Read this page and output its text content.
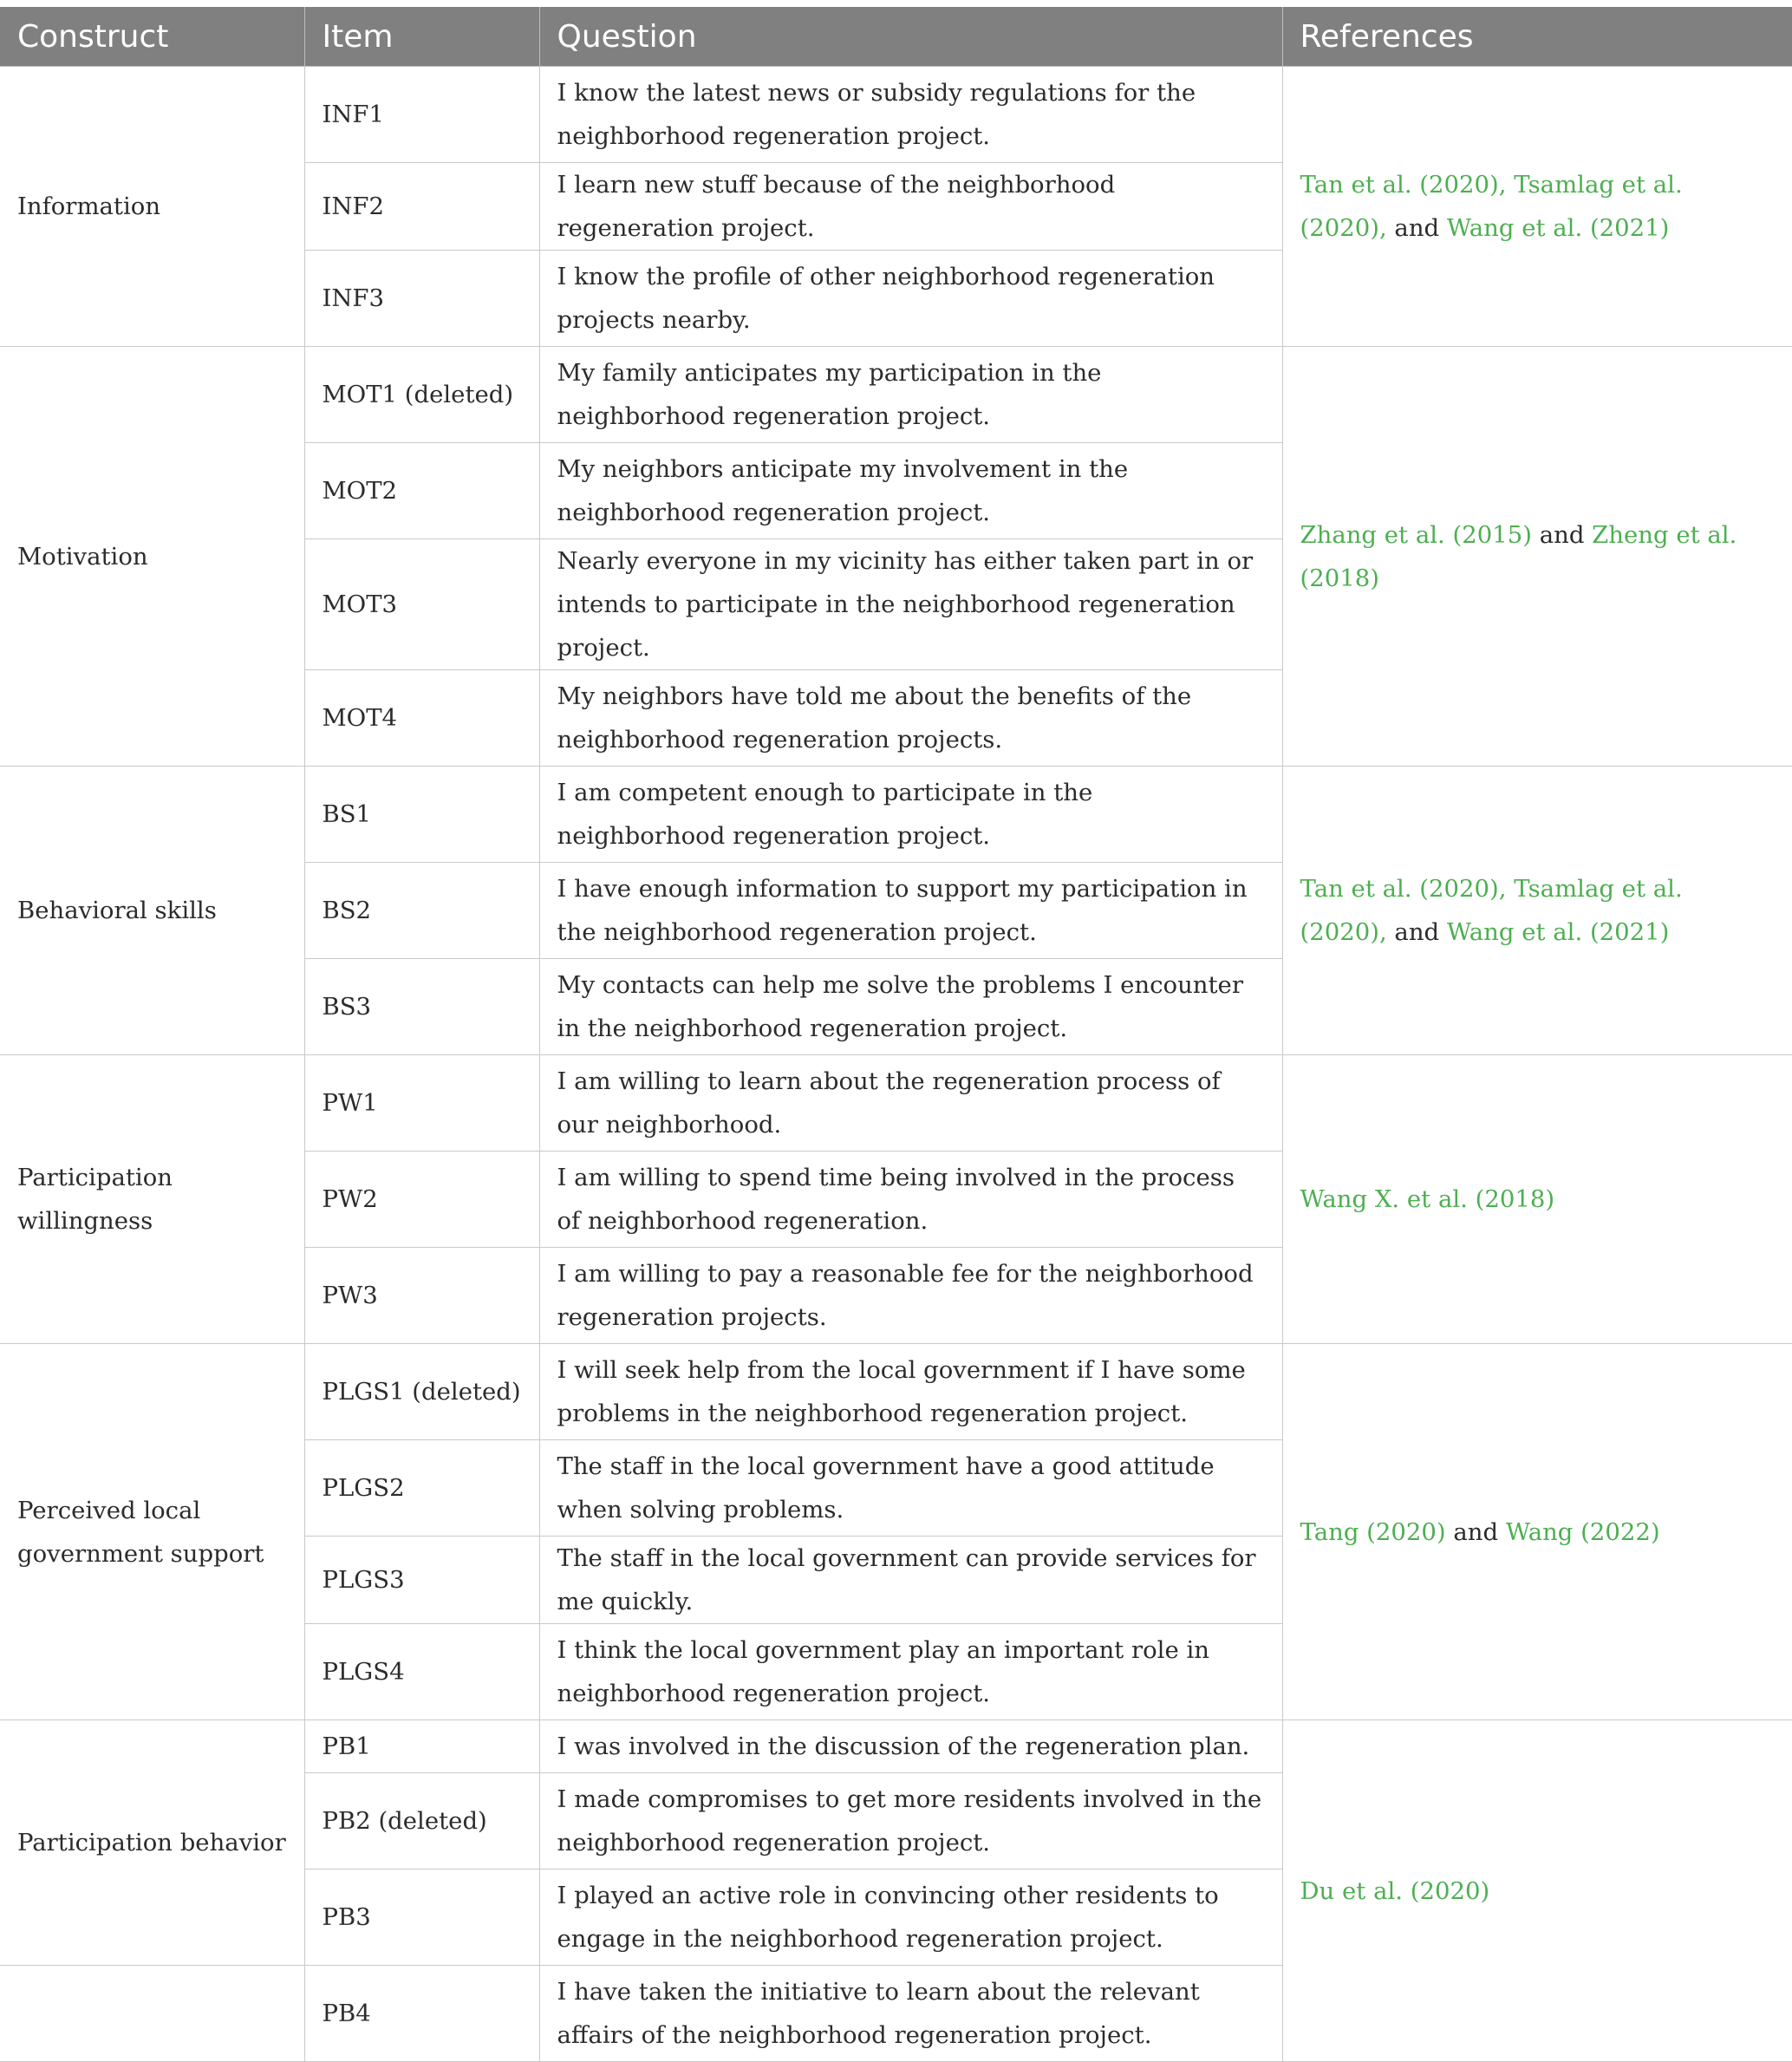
Construct	Item	Question	References
Information	INF1	I know the latest news or subsidy regulations for the neighborhood regeneration project.	Tan et al. (2020), Tsamlag et al. (2020), and Wang et al. (2021)
	INF2	I learn new stuff because of the neighborhood regeneration project.	
	INF3	I know the profile of other neighborhood regeneration projects nearby.	
Motivation	MOT1 (deleted)	My family anticipates my participation in the neighborhood regeneration project.	Zhang et al. (2015) and Zheng et al. (2018)
	MOT2	My neighbors anticipate my involvement in the neighborhood regeneration project.	
	MOT3	Nearly everyone in my vicinity has either taken part in or intends to participate in the neighborhood regeneration project.	
	MOT4	My neighbors have told me about the benefits of the neighborhood regeneration projects.	
Behavioral skills	BS1	I am competent enough to participate in the neighborhood regeneration project.	Tan et al. (2020), Tsamlag et al. (2020), and Wang et al. (2021)
	BS2	I have enough information to support my participation in the neighborhood regeneration project.	
	BS3	My contacts can help me solve the problems I encounter in the neighborhood regeneration project.	
Participation willingness	PW1	I am willing to learn about the regeneration process of our neighborhood.	Wang X. et al. (2018)
	PW2	I am willing to spend time being involved in the process of neighborhood regeneration.	
	PW3	I am willing to pay a reasonable fee for the neighborhood regeneration projects.	
Perceived local government support	PLGS1 (deleted)	I will seek help from the local government if I have some problems in the neighborhood regeneration project.	Tang (2020) and Wang (2022)
	PLGS2	The staff in the local government have a good attitude when solving problems.	
	PLGS3	The staff in the local government can provide services for me quickly.	
	PLGS4	I think the local government play an important role in neighborhood regeneration project.	
Participation behavior	PB1	I was involved in the discussion of the regeneration plan.	Du et al. (2020)
	PB2 (deleted)	I made compromises to get more residents involved in the neighborhood regeneration project.	
	PB3	I played an active role in convincing other residents to engage in the neighborhood regeneration project.	
	PB4	I have taken the initiative to learn about the relevant affairs of the neighborhood regeneration project.	
